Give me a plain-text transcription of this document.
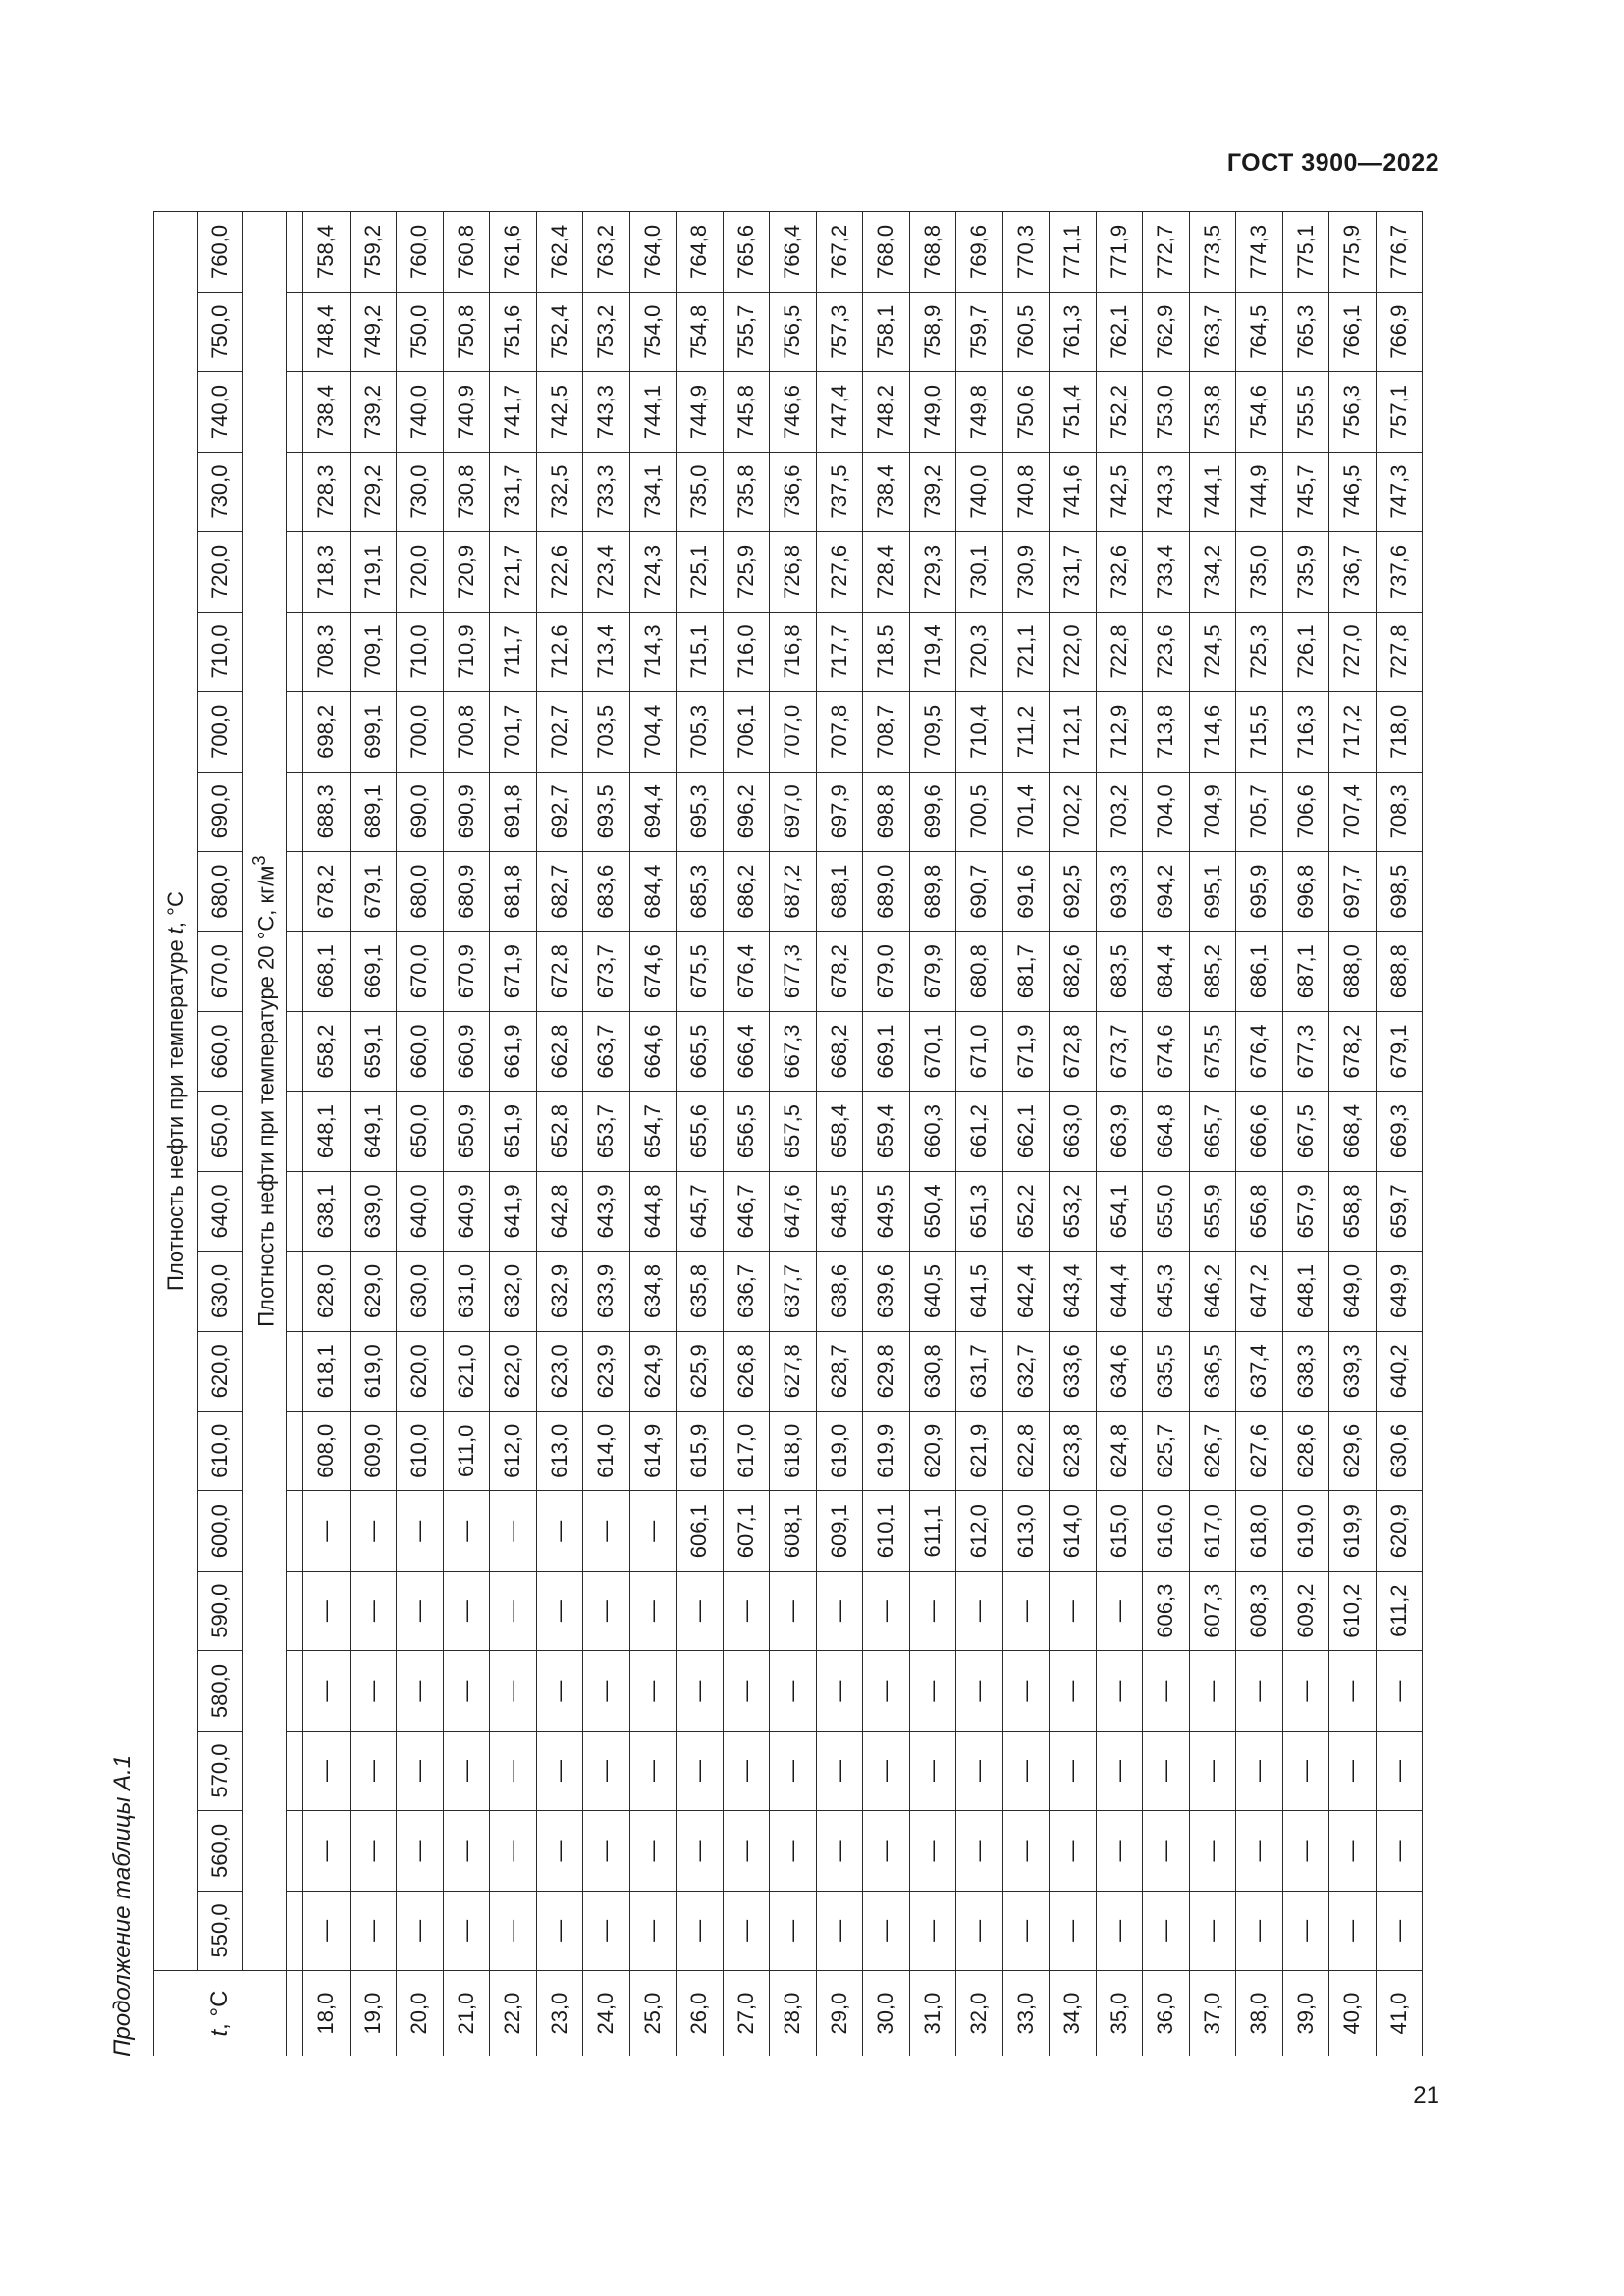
ГОСТ 3900—2022
Продолжение таблицы А.1	t, °С	Плотность нефти при температуре t, °С																					
	550,0	560,0	570,0	580,0	590,0	600,0	610,0	620,0	630,0	640,0	650,0	660,0	670,0	680,0	690,0	700,0	710,0	720,0	730,0	740,0	750,0	760,0
	Плотность нефти при температуре 20 °С, $кг/м^3$

18,0	—	—	—	—	—	—	608,0	618,1	628,0	638,1	648,1	658,2	668,1	678,2	688,3	698,2	708,3	718,3	728,3	738,4	748,4	758,4
19,0	—	—	—	—	—	—	609,0	619,0	629,0	639,0	649,1	659,1	669,1	679,1	689,1	699,1	709,1	719,1	729,2	739,2	749,2	759,2
20,0	—	—	—	—	—	—	610,0	620,0	630,0	640,0	650,0	660,0	670,0	680,0	690,0	700,0	710,0	720,0	730,0	740,0	750,0	760,0
21,0	—	—	—	—	—	—	611,0	621,0	631,0	640,9	650,9	660,9	670,9	680,9	690,9	700,8	710,9	720,9	730,8	740,9	750,8	760,8
22,0	—	—	—	—	—	—	612,0	622,0	632,0	641,9	651,9	661,9	671,9	681,8	691,8	701,7	711,7	721,7	731,7	741,7	751,6	761,6
23,0	—	—	—	—	—	—	613,0	623,0	632,9	642,8	652,8	662,8	672,8	682,7	692,7	702,7	712,6	722,6	732,5	742,5	752,4	762,4
24,0	—	—	—	—	—	—	614,0	623,9	633,9	643,9	653,7	663,7	673,7	683,6	693,5	703,5	713,4	723,4	733,3	743,3	753,2	763,2
25,0	—	—	—	—	—	—	614,9	624,9	634,8	644,8	654,7	664,6	674,6	684,4	694,4	704,4	714,3	724,3	734,1	744,1	754,0	764,0
26,0	—	—	—	—	—	606,1	615,9	625,9	635,8	645,7	655,6	665,5	675,5	685,3	695,3	705,3	715,1	725,1	735,0	744,9	754,8	764,8
27,0	—	—	—	—	—	607,1	617,0	626,8	636,7	646,7	656,5	666,4	676,4	686,2	696,2	706,1	716,0	725,9	735,8	745,8	755,7	765,6
28,0	—	—	—	—	—	608,1	618,0	627,8	637,7	647,6	657,5	667,3	677,3	687,2	697,0	707,0	716,8	726,8	736,6	746,6	756,5	766,4
29,0	—	—	—	—	—	609,1	619,0	628,7	638,6	648,5	658,4	668,2	678,2	688,1	697,9	707,8	717,7	727,6	737,5	747,4	757,3	767,2
30,0	—	—	—	—	—	610,1	619,9	629,8	639,6	649,5	659,4	669,1	679,0	689,0	698,8	708,7	718,5	728,4	738,4	748,2	758,1	768,0
31,0	—	—	—	—	—	611,1	620,9	630,8	640,5	650,4	660,3	670,1	679,9	689,8	699,6	709,5	719,4	729,3	739,2	749,0	758,9	768,8
32,0	—	—	—	—	—	612,0	621,9	631,7	641,5	651,3	661,2	671,0	680,8	690,7	700,5	710,4	720,3	730,1	740,0	749,8	759,7	769,6
33,0	—	—	—	—	—	613,0	622,8	632,7	642,4	652,2	662,1	671,9	681,7	691,6	701,4	711,2	721,1	730,9	740,8	750,6	760,5	770,3
34,0	—	—	—	—	—	614,0	623,8	633,6	643,4	653,2	663,0	672,8	682,6	692,5	702,2	712,1	722,0	731,7	741,6	751,4	761,3	771,1
35,0	—	—	—	—	—	615,0	624,8	634,6	644,4	654,1	663,9	673,7	683,5	693,3	703,2	712,9	722,8	732,6	742,5	752,2	762,1	771,9
36,0	—	—	—	—	606,3	616,0	625,7	635,5	645,3	655,0	664,8	674,6	684,4	694,2	704,0	713,8	723,6	733,4	743,3	753,0	762,9	772,7
37,0	—	—	—	—	607,3	617,0	626,7	636,5	646,2	655,9	665,7	675,5	685,2	695,1	704,9	714,6	724,5	734,2	744,1	753,8	763,7	773,5
38,0	—	—	—	—	608,3	618,0	627,6	637,4	647,2	656,8	666,6	676,4	686,1	695,9	705,7	715,5	725,3	735,0	744,9	754,6	764,5	774,3
39,0	—	—	—	—	609,2	619,0	628,6	638,3	648,1	657,9	667,5	677,3	687,1	696,8	706,6	716,3	726,1	735,9	745,7	755,5	765,3	775,1
40,0	—	—	—	—	610,2	619,9	629,6	639,3	649,0	658,8	668,4	678,2	688,0	697,7	707,4	717,2	727,0	736,7	746,5	756,3	766,1	775,9
41,0	—	—	—	—	611,2	620,9	630,6	640,2	649,9	659,7	669,3	679,1	688,8	698,5	708,3	718,0	727,8	737,6	747,3	757,1	766,9	776,7
21
